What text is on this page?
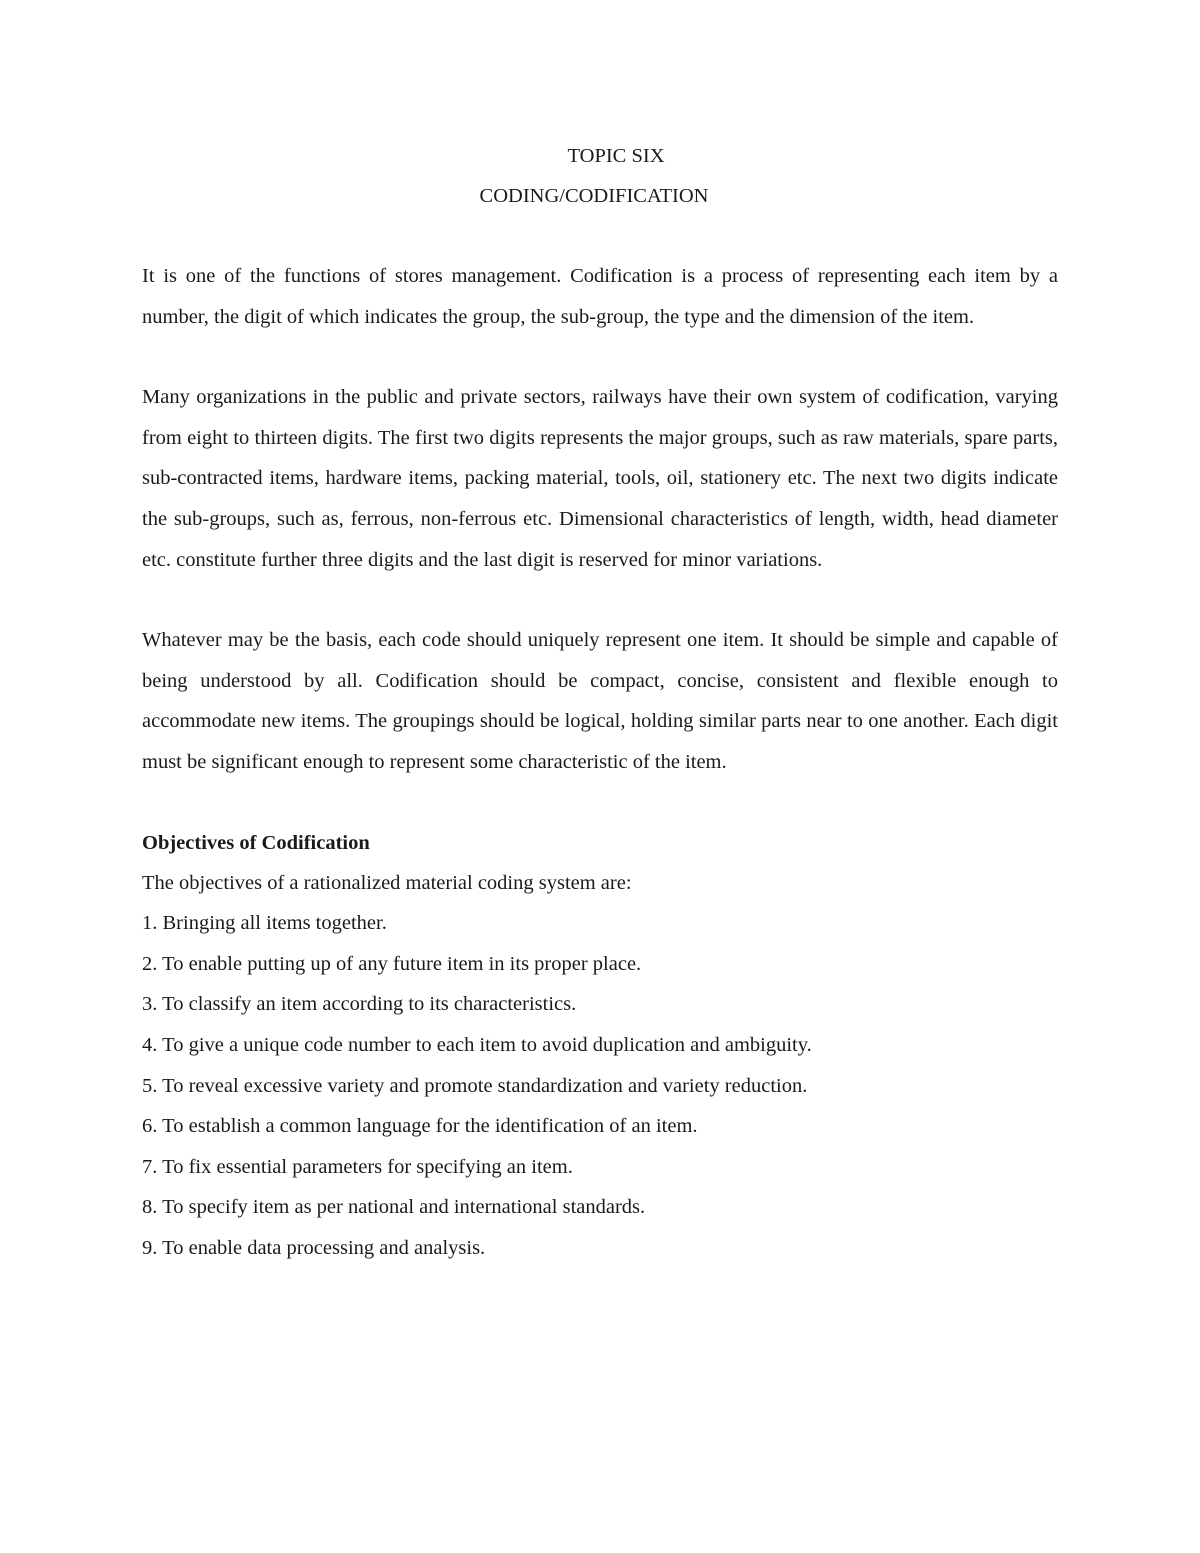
TOPIC SIX

CODING/CODIFICATION

It is one of the functions of stores management. Codification is a process of representing each item by a number, the digit of which indicates the group, the sub-group, the type and the dimension of the item.

Many organizations in the public and private sectors, railways have their own system of codification, varying from eight to thirteen digits. The first two digits represents the major groups, such as raw materials, spare parts, sub-contracted items, hardware items, packing material, tools, oil, stationery etc. The next two digits indicate the sub-groups, such as, ferrous, non-ferrous etc. Dimensional characteristics of length, width, head diameter etc. constitute further three digits and the last digit is reserved for minor variations.

Whatever may be the basis, each code should uniquely represent one item. It should be simple and capable of being understood by all. Codification should be compact, concise, consistent and flexible enough to accommodate new items. The groupings should be logical, holding similar parts near to one another. Each digit must be significant enough to represent some characteristic of the item.

Objectives of Codification

The objectives of a rationalized material coding system are:

1. Bringing all items together.
2. To enable putting up of any future item in its proper place.
3. To classify an item according to its characteristics.
4. To give a unique code number to each item to avoid duplication and ambiguity.
5. To reveal excessive variety and promote standardization and variety reduction.
6. To establish a common language for the identification of an item.
7. To fix essential parameters for specifying an item.
8. To specify item as per national and international standards.
9. To enable data processing and analysis.
